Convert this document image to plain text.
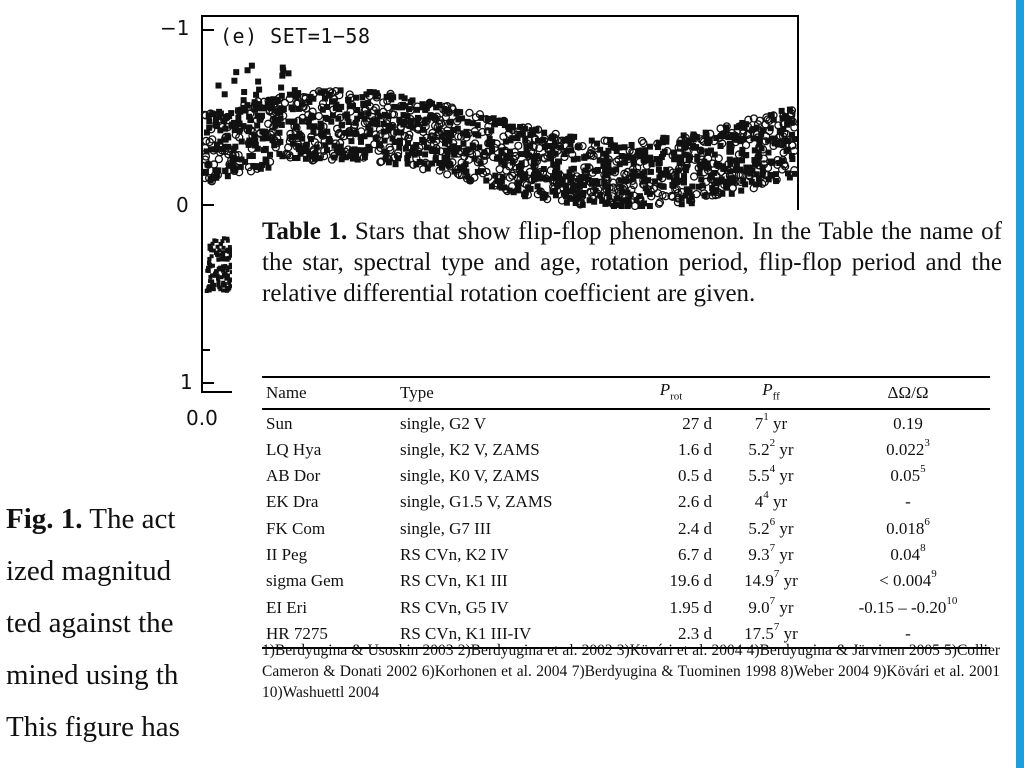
−1
0
1
0.0
(e) SET=1−58
Fig. 1. The act
ized magnitud
ted against the
mined using th
This figure has
Table 1. Stars that show flip-flop phenomenon. In the Table the name of the star, spectral type and age, rotation period, flip-flop period and the relative differential rotation coefficient are given.
Name	Type	$P_{rot}$	$P_{ff}$	ΔΩ/Ω
Sun	single, G2 V	27 d	$7^1$ yr	0.19
LQ Hya	single, K2 V, ZAMS	1.6 d	$5.2^2$ yr	0.022$^3$
AB Dor	single, K0 V, ZAMS	0.5 d	$5.5^4$ yr	0.05$^5$
EK Dra	single, G1.5 V, ZAMS	2.6 d	$4^4$ yr	-
FK Com	single, G7 III	2.4 d	$5.2^6$ yr	0.018$^6$
II Peg	RS CVn, K2 IV	6.7 d	$9.3^7$ yr	0.04$^8$
sigma Gem	RS CVn, K1 III	19.6 d	14.9$^7$ yr	< $0.004^9$
EI Eri	RS CVn, G5 IV	1.95 d	$9.0^7$ yr	-0.15 – -0.20$^{10}$
HR 7275	RS CVn, K1 III-IV	2.3 d	17.5$^7$ yr	-
1)Berdyugina & Usoskin 2003 2)Berdyugina et al. 2002 3)Kövári et al. 2004 4)Berdyugina & Järvinen 2005 5)Collier Cameron & Donati 2002 6)Korhonen et al. 2004 7)Berdyugina & Tuominen 1998 8)Weber 2004 9)Kövári et al. 2001 10)Washuettl 2004
